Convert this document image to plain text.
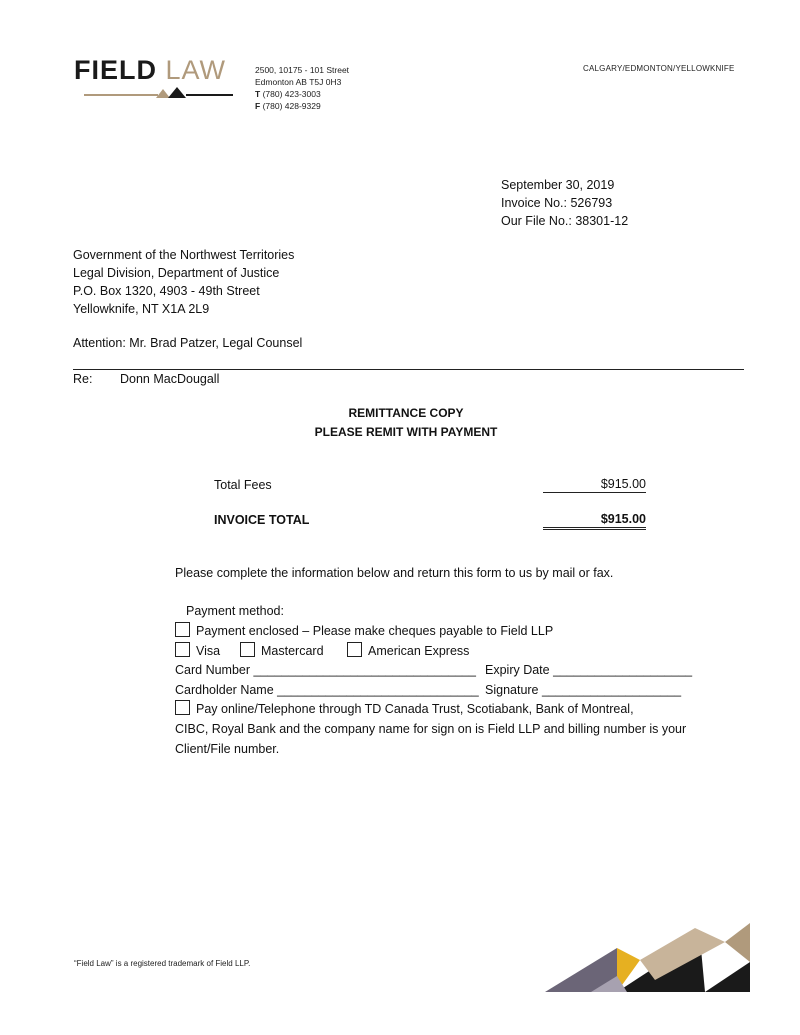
FIELD LAW	2500, 10175 - 101 Street
Edmonton AB T5J 0H3
T (780) 423-3003
F (780) 428-9329
CALGARY/EDMONTON/YELLOWKNIFE
September 30, 2019
Invoice No.: 526793
Our File No.: 38301-12
Government of the Northwest Territories
Legal Division, Department of Justice
P.O. Box 1320, 4903 - 49th Street
Yellowknife, NT X1A 2L9
Attention: Mr. Brad Patzer, Legal Counsel
Re: Donn MacDougall
REMITTANCE COPY
PLEASE REMIT WITH PAYMENT
Total Fees	$915.00
INVOICE TOTAL	$915.00
Please complete the information below and return this form to us by mail or fax.
Payment method:
Payment enclosed – Please make cheques payable to Field LLP
Visa	Mastercard	American Express
Card Number ________________________________ Expiry Date ____________________
Cardholder Name _____________________________ Signature ____________________
Pay online/Telephone through TD Canada Trust, Scotiabank, Bank of Montreal,
CIBC, Royal Bank and the company name for sign on is Field LLP and billing number is your
Client/File number.
“Field Law” is a registered trademark of Field LLP.
